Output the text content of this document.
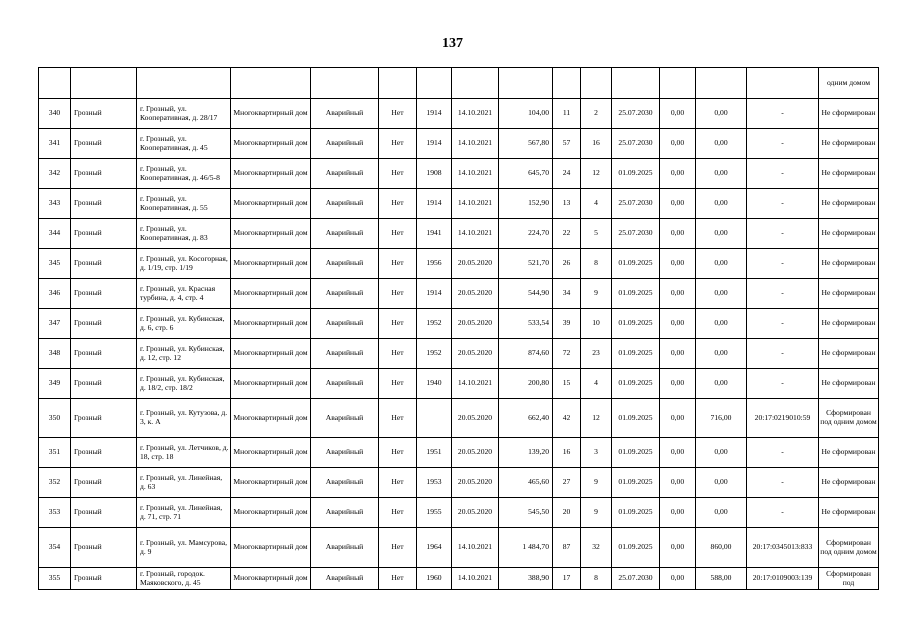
137
															одним домом
340	Грозный	г. Грозный, ул. Кооперативная, д. 28/17	Многоквартирный дом	Аварийный	Нет	1914	14.10.2021	104,00	11	2	25.07.2030	0,00	0,00	-	Не сформирован
341	Грозный	г. Грозный, ул. Кооперативная, д. 45	Многоквартирный дом	Аварийный	Нет	1914	14.10.2021	567,80	57	16	25.07.2030	0,00	0,00	-	Не сформирован
342	Грозный	г. Грозный, ул. Кооперативная, д. 46/5-8	Многоквартирный дом	Аварийный	Нет	1908	14.10.2021	645,70	24	12	01.09.2025	0,00	0,00	-	Не сформирован
343	Грозный	г. Грозный, ул. Кооперативная, д. 55	Многоквартирный дом	Аварийный	Нет	1914	14.10.2021	152,90	13	4	25.07.2030	0,00	0,00	-	Не сформирован
344	Грозный	г. Грозный, ул. Кооперативная, д. 83	Многоквартирный дом	Аварийный	Нет	1941	14.10.2021	224,70	22	5	25.07.2030	0,00	0,00	-	Не сформирован
345	Грозный	г. Грозный, ул. Косогорная, д. 1/19, стр. 1/19	Многоквартирный дом	Аварийный	Нет	1956	20.05.2020	521,70	26	8	01.09.2025	0,00	0,00	-	Не сформирован
346	Грозный	г. Грозный, ул. Красная турбина, д. 4, стр. 4	Многоквартирный дом	Аварийный	Нет	1914	20.05.2020	544,90	34	9	01.09.2025	0,00	0,00	-	Не сформирован
347	Грозный	г. Грозный, ул. Кубинская, д. 6, стр. 6	Многоквартирный дом	Аварийный	Нет	1952	20.05.2020	533,54	39	10	01.09.2025	0,00	0,00	-	Не сформирован
348	Грозный	г. Грозный, ул. Кубинская, д. 12, стр. 12	Многоквартирный дом	Аварийный	Нет	1952	20.05.2020	874,60	72	23	01.09.2025	0,00	0,00	-	Не сформирован
349	Грозный	г. Грозный, ул. Кубинская, д. 18/2, стр. 18/2	Многоквартирный дом	Аварийный	Нет	1940	14.10.2021	200,80	15	4	01.09.2025	0,00	0,00	-	Не сформирован
350	Грозный	г. Грозный, ул. Кутузова, д. 3, к. А	Многоквартирный дом	Аварийный	Нет		20.05.2020	662,40	42	12	01.09.2025	0,00	716,00	20:17:0219010:59	Сформирован под одним домом
351	Грозный	г. Грозный, ул. Летчиков, д. 18, стр. 18	Многоквартирный дом	Аварийный	Нет	1951	20.05.2020	139,20	16	3	01.09.2025	0,00	0,00	-	Не сформирован
352	Грозный	г. Грозный, ул. Линейная, д. 63	Многоквартирный дом	Аварийный	Нет	1953	20.05.2020	465,60	27	9	01.09.2025	0,00	0,00	-	Не сформирован
353	Грозный	г. Грозный, ул. Линейная, д. 71, стр. 71	Многоквартирный дом	Аварийный	Нет	1955	20.05.2020	545,50	20	9	01.09.2025	0,00	0,00	-	Не сформирован
354	Грозный	г. Грозный, ул. Мамсурова, д. 9	Многоквартирный дом	Аварийный	Нет	1964	14.10.2021	1 484,70	87	32	01.09.2025	0,00	860,00	20:17:0345013:833	Сформирован под одним домом
355	Грозный	г. Грозный, городок. Маяковского, д. 45	Многоквартирный дом	Аварийный	Нет	1960	14.10.2021	388,90	17	8	25.07.2030	0,00	588,00	20:17:0109003:139	Сформирован под
